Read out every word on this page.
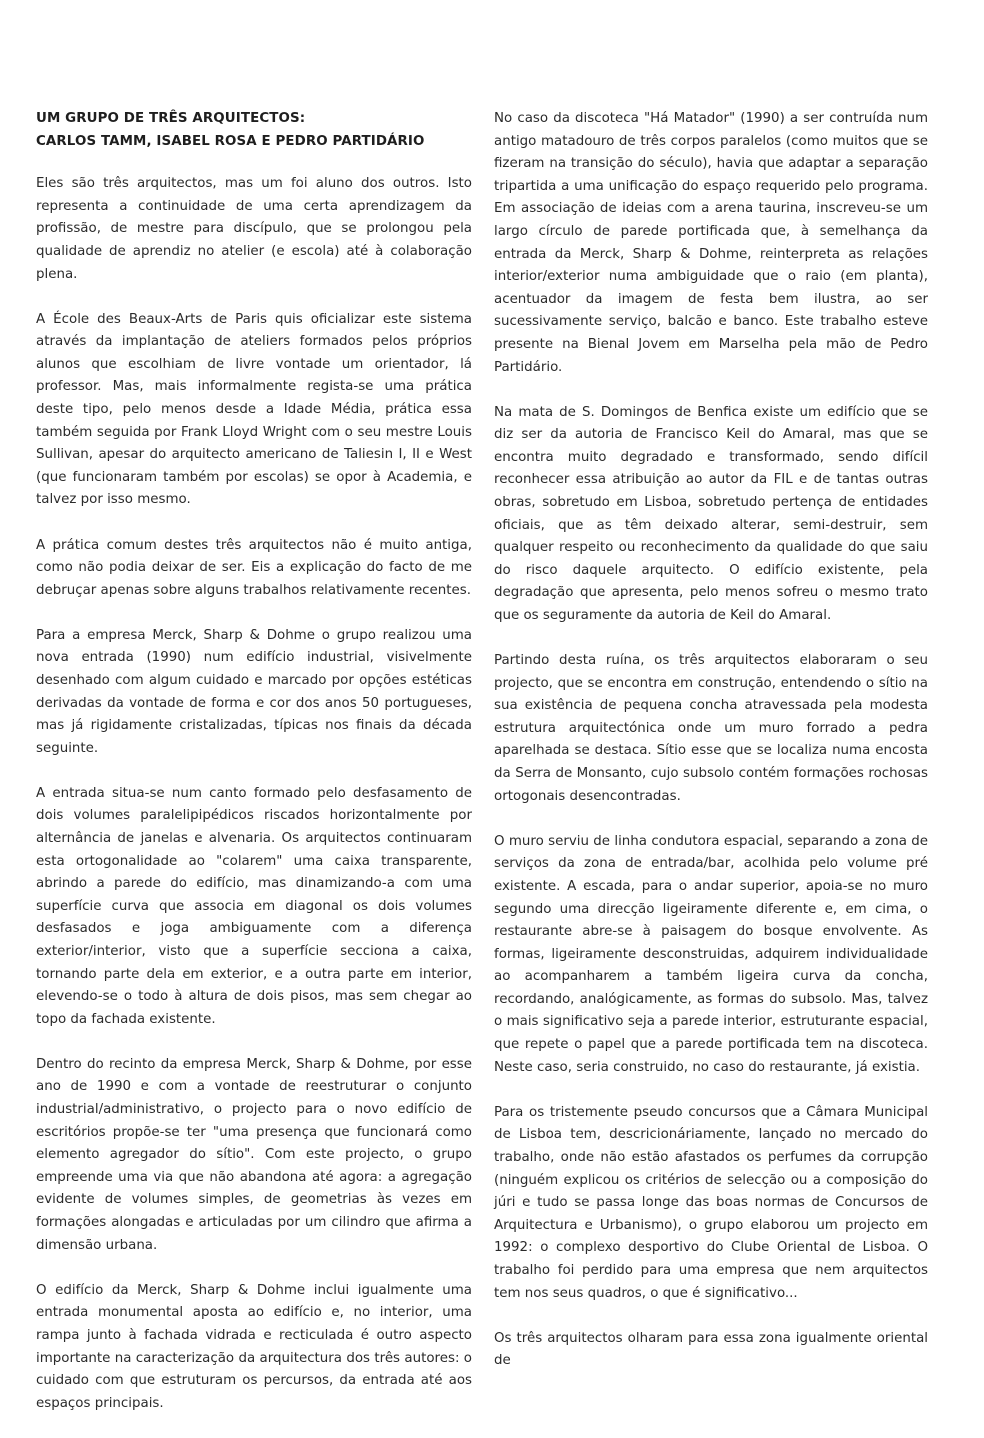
UM GRUPO DE TRÊS ARQUITECTOS:
CARLOS TAMM, ISABEL ROSA E PEDRO PARTIDÁRIO

Eles são três arquitectos, mas um foi aluno dos outros. Isto representa a continuidade de uma certa aprendizagem da profissão, de mestre para discípulo, que se prolongou pela qualidade de aprendiz no atelier (e escola) até à colaboração plena.

A École des Beaux-Arts de Paris quis oficializar este sistema através da implantação de ateliers formados pelos próprios alunos que escolhiam de livre vontade um orientador, lá professor. Mas, mais informalmente regista-se uma prática deste tipo, pelo menos desde a Idade Média, prática essa também seguida por Frank Lloyd Wright com o seu mestre Louis Sullivan, apesar do arquitecto americano de Taliesin I, II e West (que funcionaram também por escolas) se opor à Academia, e talvez por isso mesmo.

A prática comum destes três arquitectos não é muito antiga, como não podia deixar de ser. Eis a explicação do facto de me debruçar apenas sobre alguns trabalhos relativamente recentes.

Para a empresa Merck, Sharp & Dohme o grupo realizou uma nova entrada (1990) num edifício industrial, visivelmente desenhado com algum cuidado e marcado por opções estéticas derivadas da vontade de forma e cor dos anos 50 portugueses, mas já rigidamente cristalizadas, típicas nos finais da década seguinte.

A entrada situa-se num canto formado pelo desfasamento de dois volumes paralelipipédicos riscados horizontalmente por alternância de janelas e alvenaria. Os arquitectos continuaram esta ortogonalidade ao "colarem" uma caixa transparente, abrindo a parede do edifício, mas dinamizando-a com uma superfície curva que associa em diagonal os dois volumes desfasados e joga ambiguamente com a diferença exterior/interior, visto que a superfície secciona a caixa, tornando parte dela em exterior, e a outra parte em interior, elevendo-se o todo à altura de dois pisos, mas sem chegar ao topo da fachada existente.

Dentro do recinto da empresa Merck, Sharp & Dohme, por esse ano de 1990 e com a vontade de reestruturar o conjunto industrial/administrativo, o projecto para o novo edifício de escritórios propõe-se ter "uma presença que funcionará como elemento agregador do sítio". Com este projecto, o grupo empreende uma via que não abandona até agora: a agregação evidente de volumes simples, de geometrias às vezes em formações alongadas e articuladas por um cilindro que afirma a dimensão urbana.

O edifício da Merck, Sharp & Dohme inclui igualmente uma entrada monumental aposta ao edifício e, no interior, uma rampa junto à fachada vidrada e recticulada é outro aspecto importante na caracterização da arquitectura dos três autores: o cuidado com que estruturam os percursos, da entrada até aos espaços principais.

No caso da discoteca "Há Matador" (1990) a ser contruída num antigo matadouro de três corpos paralelos (como muitos que se fizeram na transição do século), havia que adaptar a separação tripartida a uma unificação do espaço requerido pelo programa. Em associação de ideias com a arena taurina, inscreveu-se um largo círculo de parede portificada que, à semelhança da entrada da Merck, Sharp & Dohme, reinterpreta as relações interior/exterior numa ambiguidade que o raio (em planta), acentuador da imagem de festa bem ilustra, ao ser sucessivamente serviço, balcão e banco. Este trabalho esteve presente na Bienal Jovem em Marselha pela mão de Pedro Partidário.

Na mata de S. Domingos de Benfica existe um edifício que se diz ser da autoria de Francisco Keil do Amaral, mas que se encontra muito degradado e transformado, sendo difícil reconhecer essa atribuição ao autor da FIL e de tantas outras obras, sobretudo em Lisboa, sobretudo pertença de entidades oficiais, que as têm deixado alterar, semi-destruir, sem qualquer respeito ou reconhecimento da qualidade do que saiu do risco daquele arquitecto. O edifício existente, pela degradação que apresenta, pelo menos sofreu o mesmo trato que os seguramente da autoria de Keil do Amaral.

Partindo desta ruína, os três arquitectos elaboraram o seu projecto, que se encontra em construção, entendendo o sítio na sua existência de pequena concha atravessada pela modesta estrutura arquitectónica onde um muro forrado a pedra aparelhada se destaca. Sítio esse que se localiza numa encosta da Serra de Monsanto, cujo subsolo contém formações rochosas ortogonais desencontradas.

O muro serviu de linha condutora espacial, separando a zona de serviços da zona de entrada/bar, acolhida pelo volume pré existente. A escada, para o andar superior, apoia-se no muro segundo uma direcção ligeiramente diferente e, em cima, o restaurante abre-se à paisagem do bosque envolvente. As formas, ligeiramente desconstruidas, adquirem individualidade ao acompanharem a também ligeira curva da concha, recordando, analógicamente, as formas do subsolo. Mas, talvez o mais significativo seja a parede interior, estruturante espacial, que repete o papel que a parede portificada tem na discoteca. Neste caso, seria construido, no caso do restaurante, já existia.

Para os tristemente pseudo concursos que a Câmara Municipal de Lisboa tem, descricionáriamente, lançado no mercado do trabalho, onde não estão afastados os perfumes da corrupção (ninguém explicou os critérios de selecção ou a composição do júri e tudo se passa longe das boas normas de Concursos de Arquitectura e Urbanismo), o grupo elaborou um projecto em 1992: o complexo desportivo do Clube Oriental de Lisboa. O trabalho foi perdido para uma empresa que nem arquitectos tem nos seus quadros, o que é significativo...

Os três arquitectos olharam para essa zona igualmente oriental de
